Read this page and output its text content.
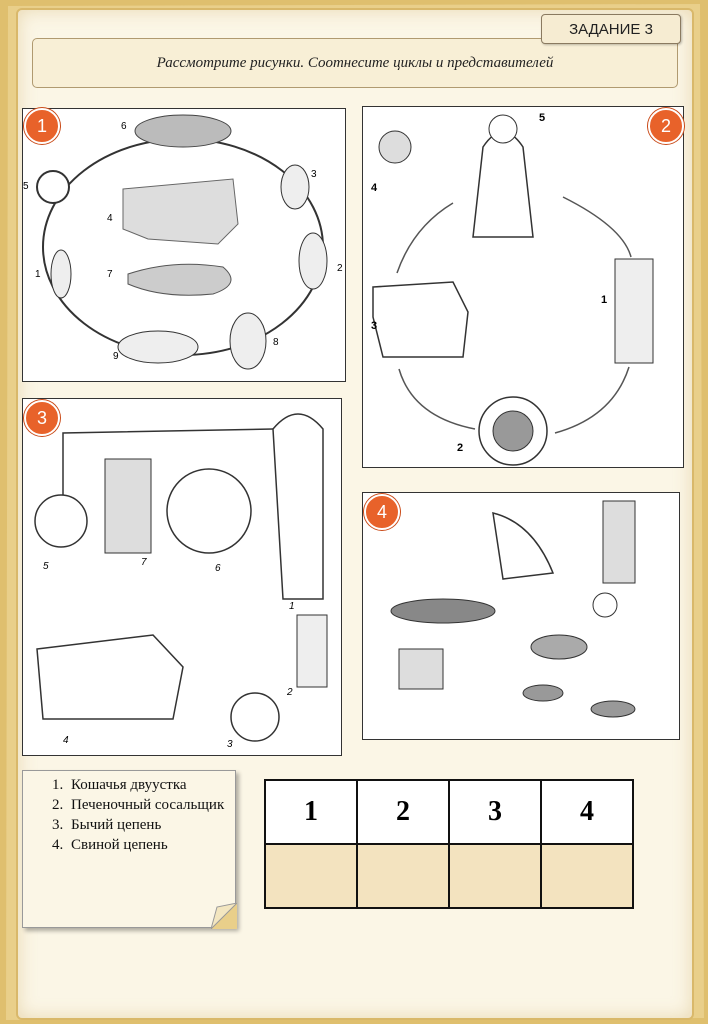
Рассмотрите рисунки. Соотнесите циклы и представителей
ЗАДАНИЕ 3
1
2
3
4
5
6
7
8
9
1
1
2
3
4
5	2
1
2
3
4
5	6
7
3
4
1. Кошачья двуустка
2. Печеночный сосальщик
3. Бычий цепень
4. Свиной цепень
1	2	3	4
